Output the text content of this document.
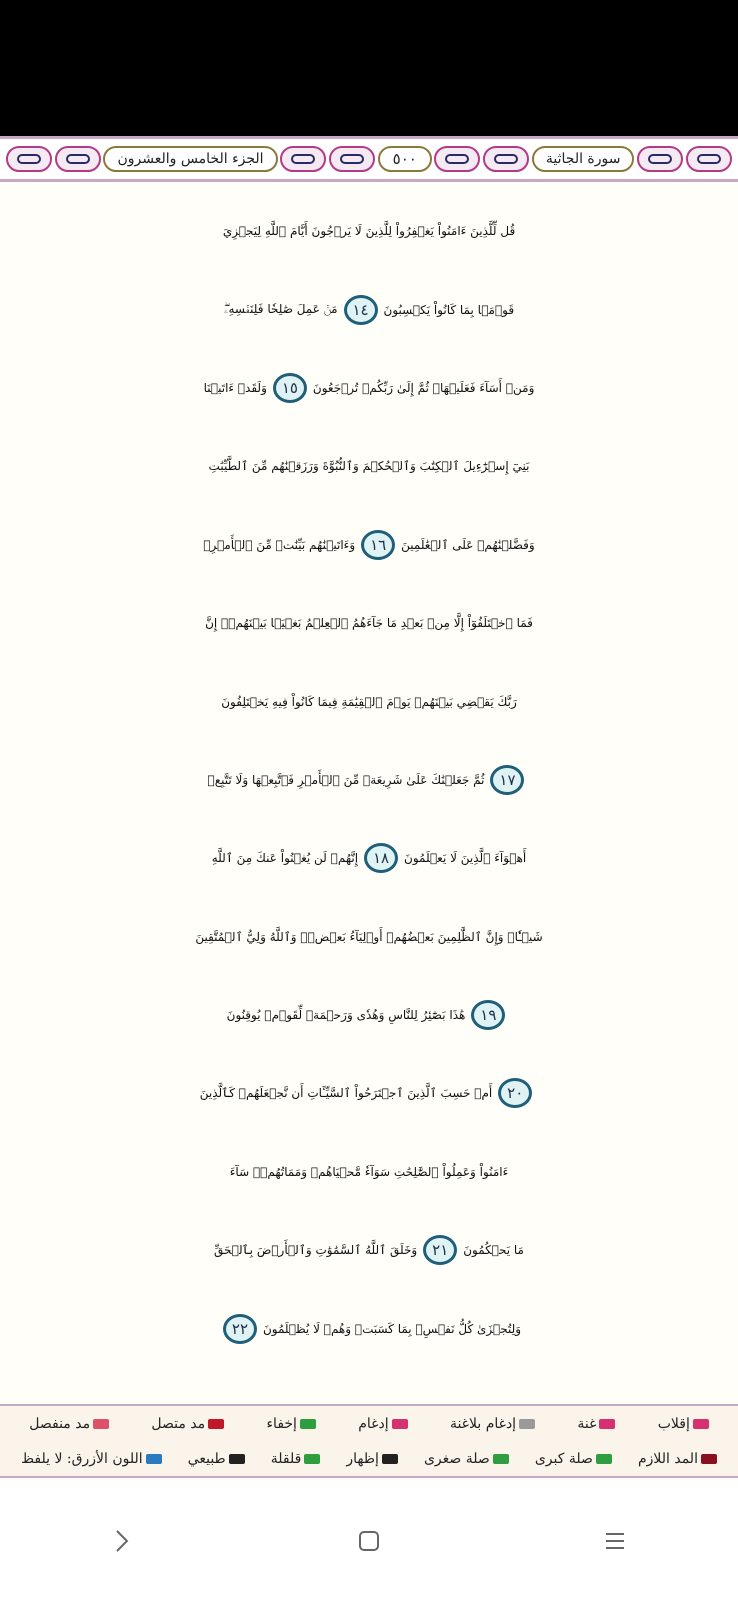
الجزء الخامس والعشرون	٥٠٠	سورة الجاثية
قُل لِّلَّذِينَ ءَامَنُواْ يَغۡفِرُواْ لِلَّذِينَ لَا يَرۡجُونَ أَيَّامَ ٱللَّهِ لِيَجۡزِيَ
قَوۡمَۢا بِمَا كَانُواْ يَكۡسِبُونَ
١٤
مَنۡ عَمِلَ صَٰلِحٗا فَلِنَفۡسِهِۦۖ
وَمَنۡ أَسَآءَ فَعَلَيۡهَاۖ ثُمَّ إِلَىٰ رَبِّكُمۡ تُرۡجَعُونَ
١٥
وَلَقَدۡ ءَاتَيۡنَا
بَنِيٓ إِسۡرَٰٓءِيلَ ٱلۡكِتَٰبَ وَٱلۡحُكۡمَ وَٱلنُّبُوَّةَ وَرَزَقۡنَٰهُم مِّنَ ٱلطَّيِّبَٰتِ
وَفَضَّلۡنَٰهُمۡ عَلَى ٱلۡعَٰلَمِينَ
١٦
وَءَاتَيۡنَٰهُم بَيِّنَٰتٖ مِّنَ ٱلۡأَمۡرِۖ
فَمَا ٱخۡتَلَفُوٓاْ إِلَّا مِنۢ بَعۡدِ مَا جَآءَهُمُ ٱلۡعِلۡمُ بَغۡيَۢا بَيۡنَهُمۡۚ إِنَّ
رَبَّكَ يَقۡضِي بَيۡنَهُمۡ يَوۡمَ ٱلۡقِيَٰمَةِ فِيمَا كَانُواْ فِيهِ يَخۡتَلِفُونَ
١٧
ثُمَّ جَعَلۡنَٰكَ عَلَىٰ شَرِيعَةٖ مِّنَ ٱلۡأَمۡرِ فَٱتَّبِعۡهَا وَلَا تَتَّبِعۡ
أَهۡوَآءَ ٱلَّذِينَ لَا يَعۡلَمُونَ
١٨
إِنَّهُمۡ لَن يُغۡنُواْ عَنكَ مِنَ ٱللَّهِ
شَيۡـٔٗاۚ وَإِنَّ ٱلظَّٰلِمِينَ بَعۡضُهُمۡ أَوۡلِيَآءُ بَعۡضٖۖ وَٱللَّهُ وَلِيُّ ٱلۡمُتَّقِينَ
١٩
هَٰذَا بَصَٰٓئِرُ لِلنَّاسِ وَهُدٗى وَرَحۡمَةٞ لِّقَوۡمٖ يُوقِنُونَ
٢٠
أَمۡ حَسِبَ ٱلَّذِينَ ٱجۡتَرَحُواْ ٱلسَّيِّـَٔاتِ أَن نَّجۡعَلَهُمۡ كَٱلَّذِينَ
ءَامَنُواْ وَعَمِلُواْ ٱلصَّٰلِحَٰتِ سَوَآءٗ مَّحۡيَاهُمۡ وَمَمَاتُهُمۡۚ سَآءَ
مَا يَحۡكُمُونَ
٢١
وَخَلَقَ ٱللَّهُ ٱلسَّمَٰوَٰتِ وَٱلۡأَرۡضَ بِٱلۡحَقِّ
وَلِتُجۡزَىٰ كُلُّ نَفۡسِۭ بِمَا كَسَبَتۡ وَهُمۡ لَا يُظۡلَمُونَ
٢٢
إقلاب
غنة
إدغام بلاغنة
إدغام
إخفاء
مد متصل
مد منفصل
المد اللازم
صلة كبرى
صلة صغرى
إظهار
قلقلة
طبيعي
اللون الأزرق: لا يلفظ
